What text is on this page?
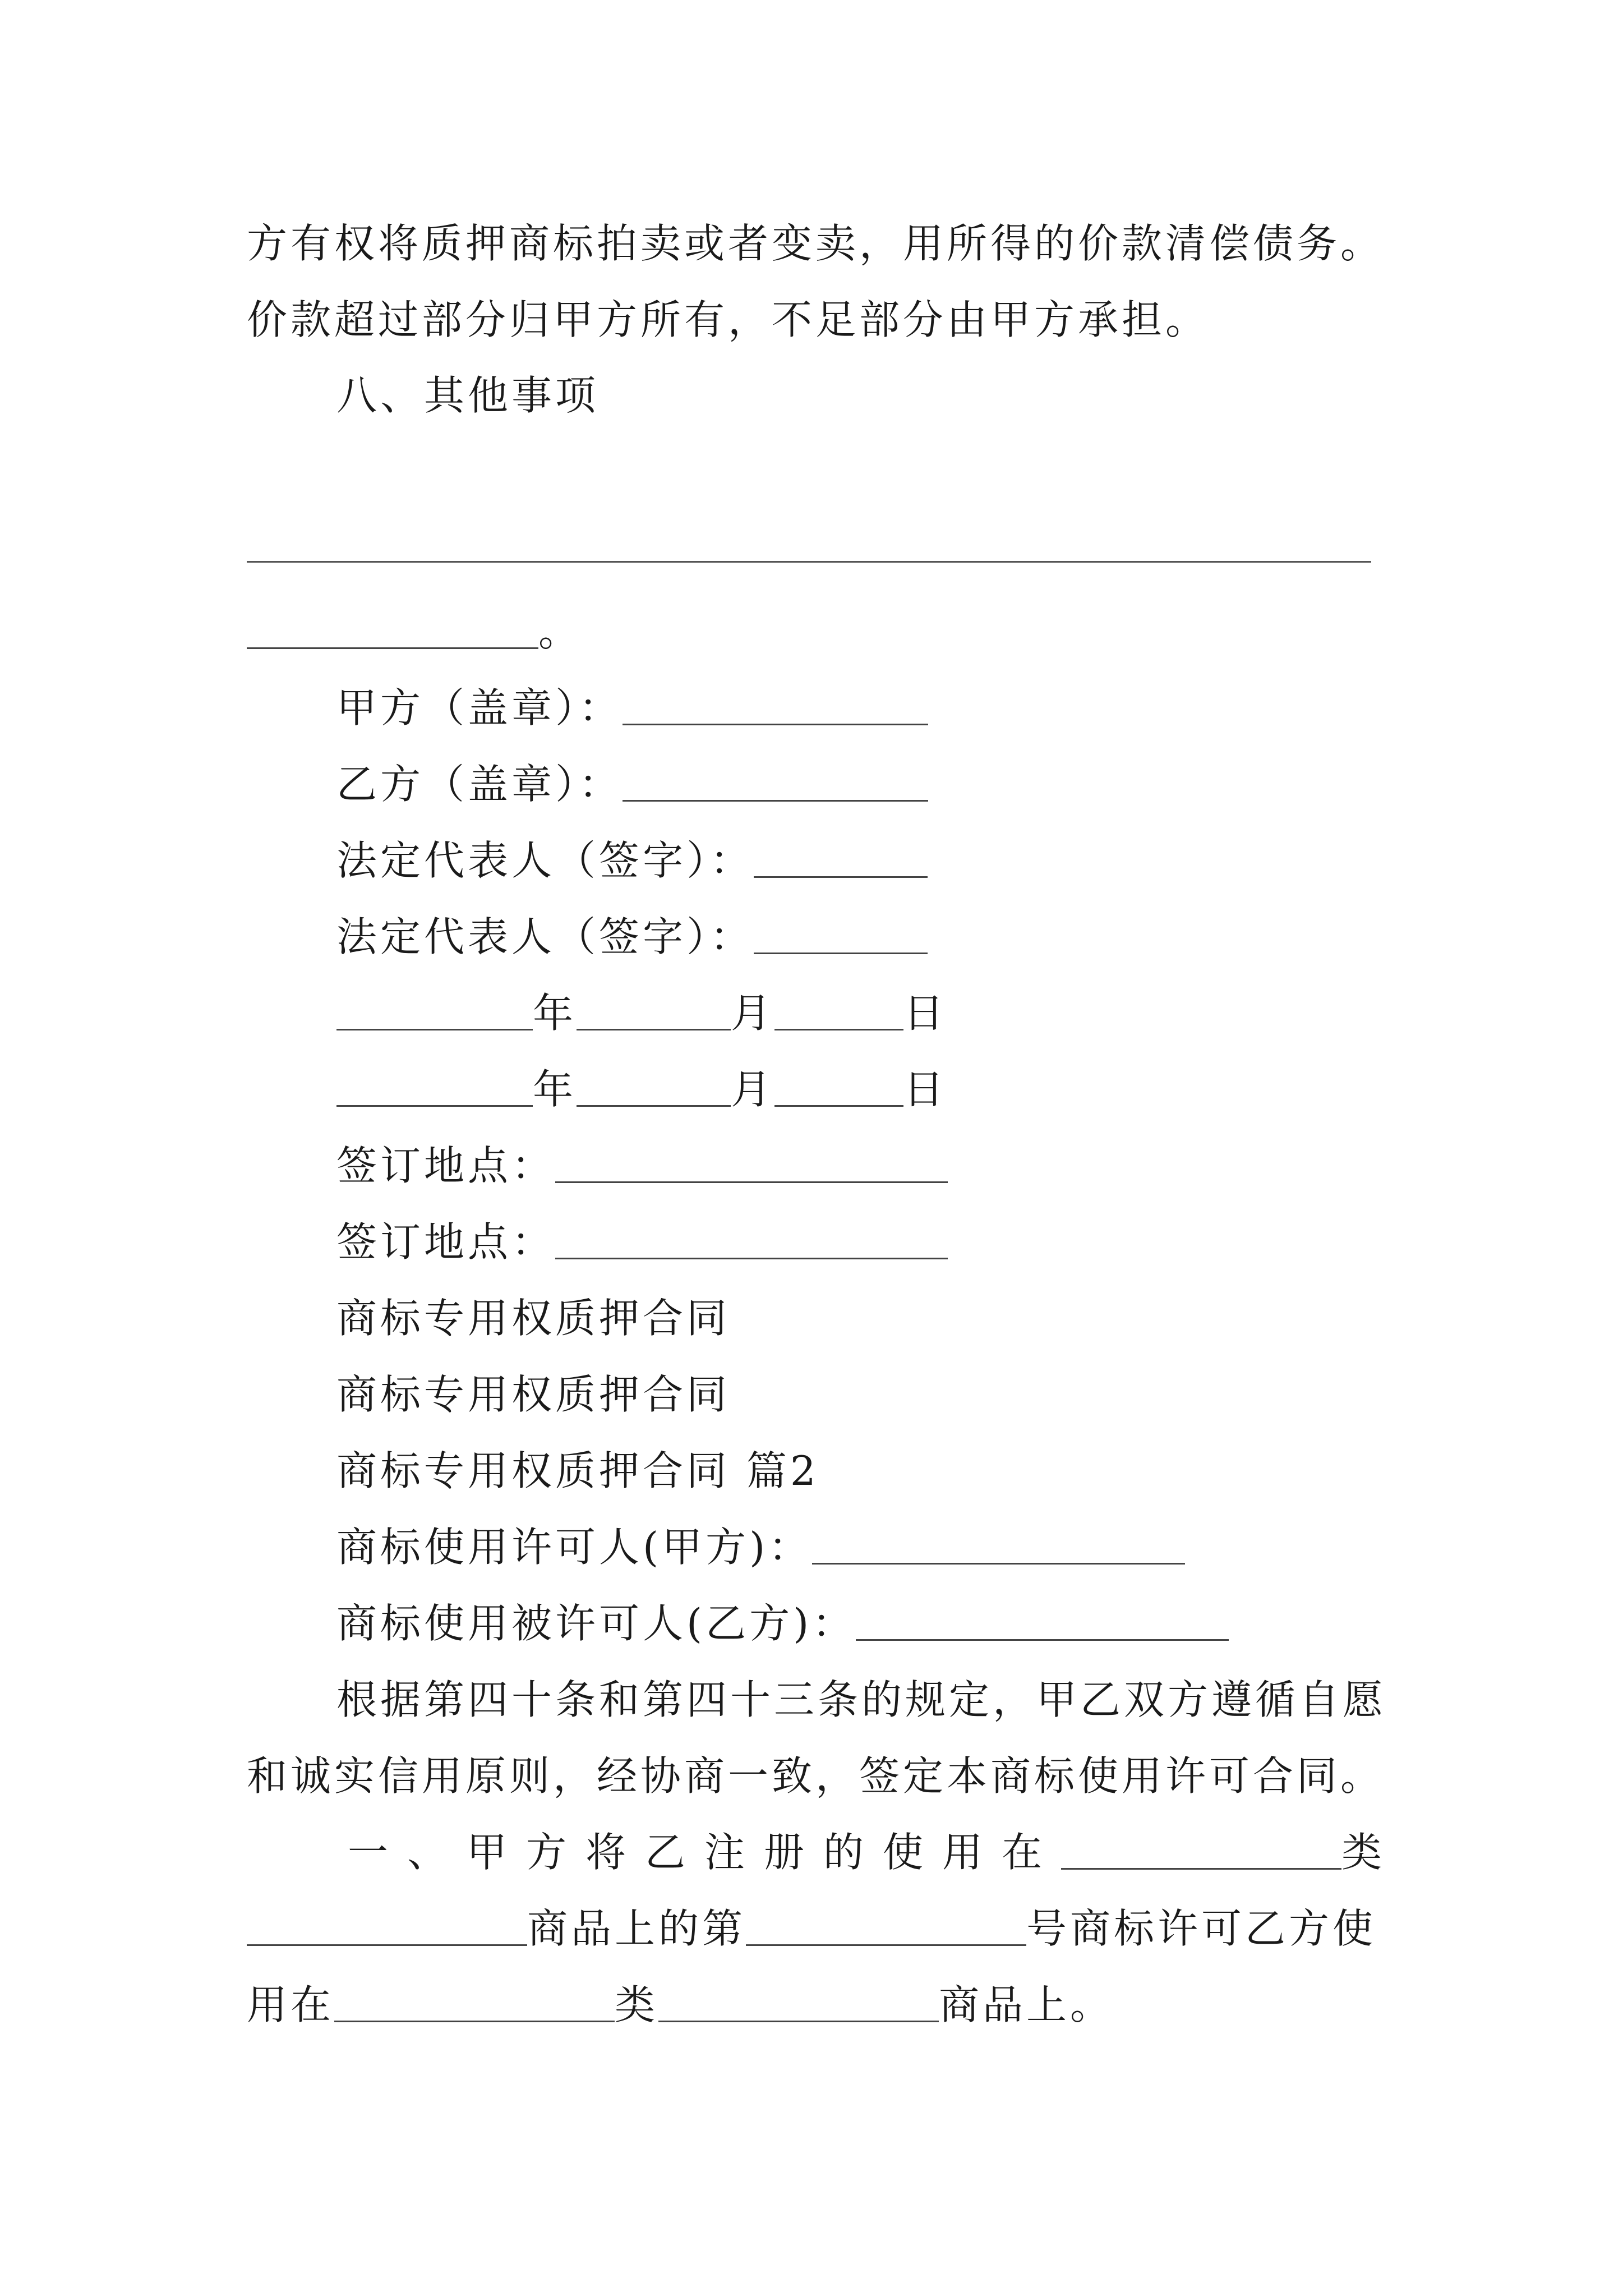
方有权将质押商标拍卖或者变卖，用所得的价款清偿债务。
价款超过部分归甲方所有，不足部分由甲方承担。
八、其他事项
。
甲方（盖章）：
乙方（盖章）：
法定代表人（签字）：
法定代表人（签字）：
年	月	日
年	月	日
签订地点：
签订地点：
商标专用权质押合同
商标专用权质押合同
商标专用权质押合同 篇2
商标使用许可人(甲方)：
商标使用被许可人(乙方)：
根据第四十条和第四十三条的规定，甲乙双方遵循自愿
和诚实信用原则，经协商一致，签定本商标使用许可合同。
一、甲方将乙注册的使用在	类
商品上的第	号商标许可乙方使
用在	类	商品上。
